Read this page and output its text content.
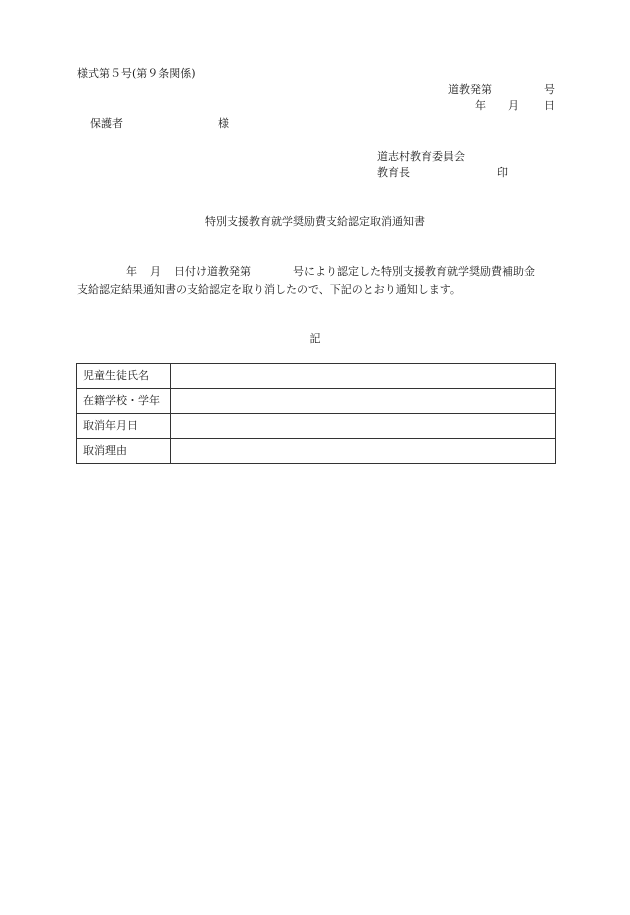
様式第５号(第９条関係)
道教発第	号
年 月 日
保護者	様
道志村教育委員会
教育長	印
特別支援教育就学奨励費支給認定取消通知書
年 月 日付け道教発第	号により認定した特別支援教育就学奨励費補助金
支給認定結果通知書の支給認定を取り消したので、下記のとおり通知します。
記
児童生徒氏名	
在籍学校・学年	
取消年月日	
取消理由	
